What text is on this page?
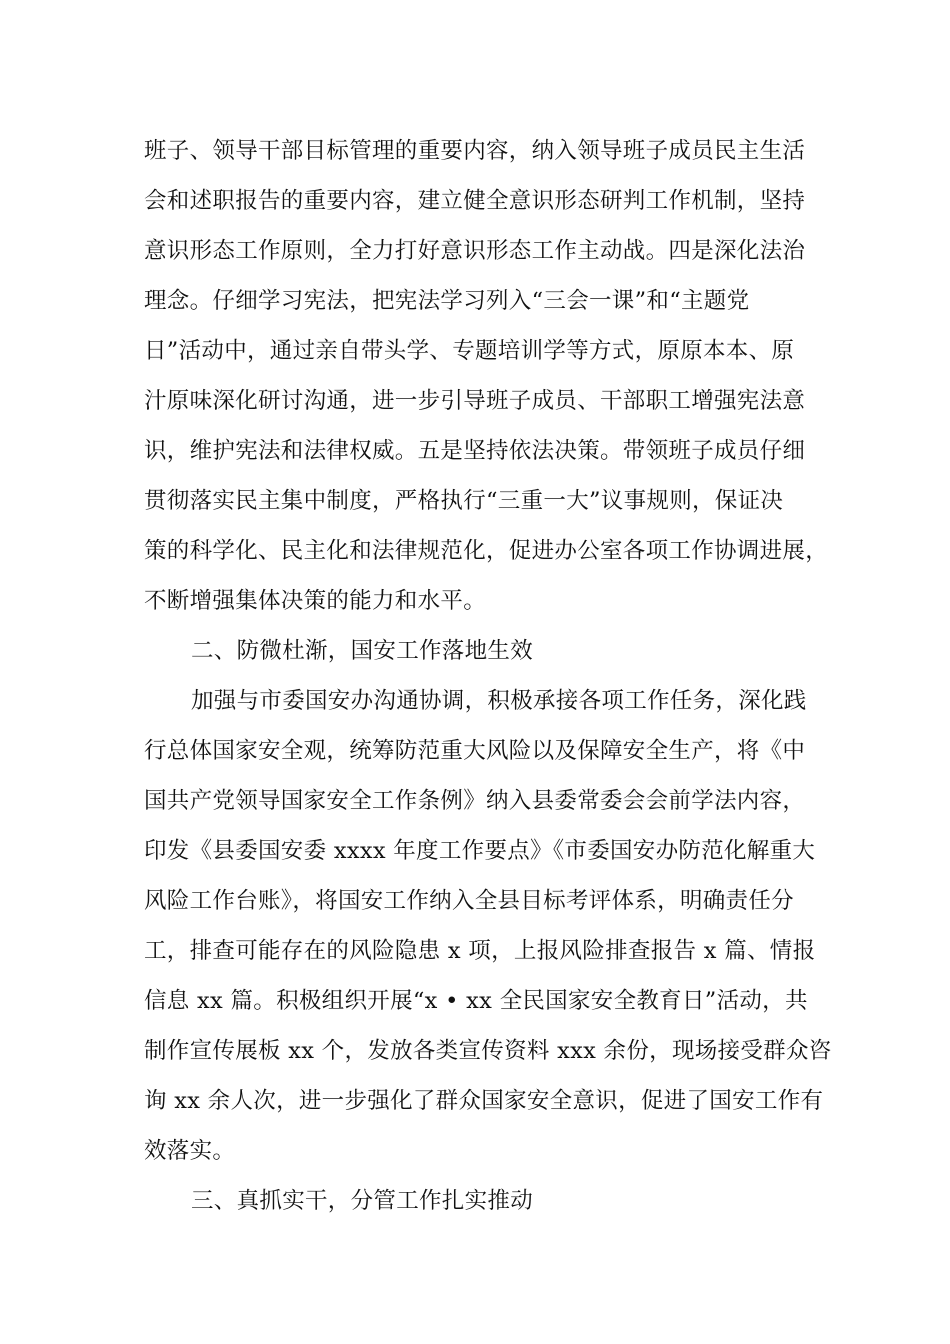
班子、领导干部目标管理的重要内容，纳入领导班子成员民主生活
会和述职报告的重要内容，建立健全意识形态研判工作机制，坚持
意识形态工作原则，全力打好意识形态工作主动战。四是深化法治
理念。仔细学习宪法，把宪法学习列入“三会一课”和“主题党
日”活动中，通过亲自带头学、专题培训学等方式，原原本本、原
汁原味深化研讨沟通，进一步引导班子成员、干部职工增强宪法意
识，维护宪法和法律权威。五是坚持依法决策。带领班子成员仔细
贯彻落实民主集中制度，严格执行“三重一大”议事规则，保证决
策的科学化、民主化和法律规范化，促进办公室各项工作协调进展，
不断增强集体决策的能力和水平。
二、防微杜渐，国安工作落地生效
加强与市委国安办沟通协调，积极承接各项工作任务，深化践
行总体国家安全观，统筹防范重大风险以及保障安全生产，将《中
国共产党领导国家安全工作条例》纳入县委常委会会前学法内容，
印发《县委国安委 xxxx 年度工作要点》《市委国安办防范化解重大
风险工作台账》，将国安工作纳入全县目标考评体系，明确责任分
工，排查可能存在的风险隐患 x 项，上报风险排查报告 x 篇、情报
信息 xx 篇。积极组织开展“x • xx 全民国家安全教育日”活动，共
制作宣传展板 xx 个，发放各类宣传资料 xxx 余份，现场接受群众咨
询 xx 余人次，进一步强化了群众国家安全意识，促进了国安工作有
效落实。
三、真抓实干，分管工作扎实推动
